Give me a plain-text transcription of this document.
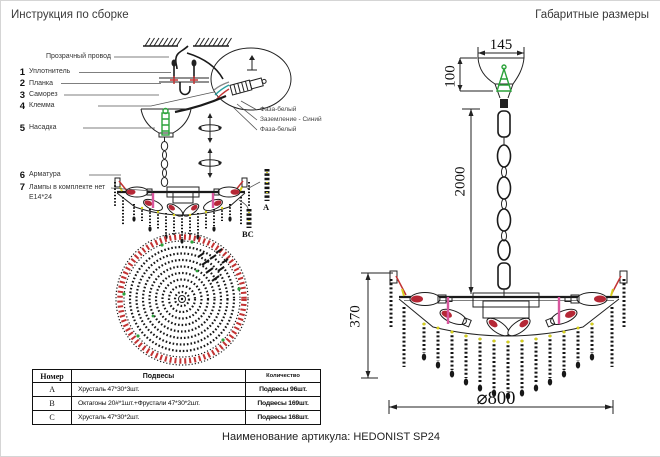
Инструкция по сборке	Габаритные размеры
Прозрачный провод
1 Уплотнитель
2 Планка
3 Саморез
4 Клемма
5 Насадка
6 Арматура
7 Лампы в комплекте нет
E14*24
Фаза-белый
Заземление - Синий
Фаза-белый
A
BC
145
100
2000
370
⌀800
Номер	Подвесы	Количество
A	Хрусталь 47*30*3шт.	Подвесы 96шт.
B	Октагоны 20#*1шт.+Фрустали 47*30*2шт.	Подвесы 169шт.
C	Хрусталь 47*30*2шт.	Подвесы 168шт.
Наименование артикула: HEDONIST SP24
